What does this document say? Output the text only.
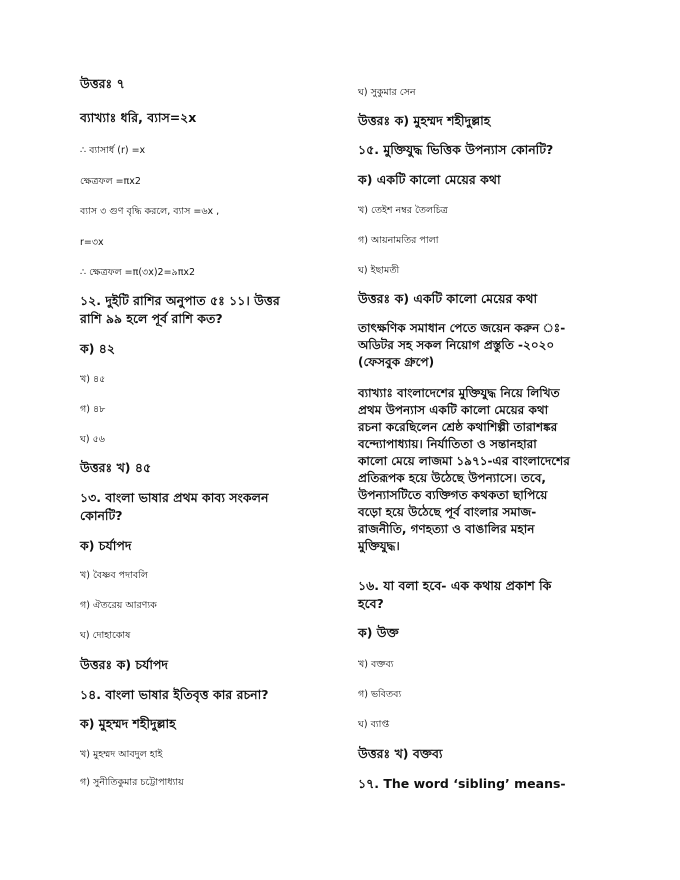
উত্তরঃ ৭
ব্যাখ্যাঃ ধরি, ব্যাস=২x
∴ ব্যাসার্ধ (r) =x
ক্ষেত্রফল =πx2
ব্যাস ৩ গুণ বৃদ্ধি করলে, ব্যাস =৬x ,
r=৩x
∴ ক্ষেত্রফল =π(৩x)2=৯πx2
১২. দুইটি রাশির অনুপাত ৫ঃ ১১। উত্তর
রাশি ৯৯ হলে পূর্ব রাশি কত?
ক) ৪২
খ) ৪৫
গ) ৪৮
ঘ) ৫৬
উত্তরঃ খ) ৪৫
১৩. বাংলা ভাষার প্রথম কাব্য সংকলন
কোনটি?
ক) চর্যাপদ
খ) বৈষ্ণব পদাবলি
গ) ঐতরেয় আরণ্যক
ঘ) দোহাকোষ
উত্তরঃ ক) চর্যাপদ
১৪. বাংলা ভাষার ইতিবৃত্ত কার রচনা?
ক) মুহম্মদ শহীদুল্লাহ
খ) মুহম্মদ আবদুল হাই
গ) সুনীতিকুমার চট্টোপাধ্যায়
ঘ) সুকুমার সেন
উত্তরঃ ক) মুহম্মদ শহীদুল্লাহ
১৫. মুক্তিযুদ্ধ ভিত্তিক উপন্যাস কোনটি?
ক) একটি কালো মেয়ের কথা
খ) তেইশ নম্বর তৈলচিত্র
গ) আয়নামতির পালা
ঘ) ইছামতী
উত্তরঃ ক) একটি কালো মেয়ের কথা
তাৎক্ষণিক সমাধান পেতে জয়েন করুন ঃ-
অডিটর সহ সকল নিয়োগ প্রস্তুতি -২০২০
(ফেসবুক গ্রুপে)
ব্যাখ্যাঃ বাংলাদেশের মুক্তিযুদ্ধ নিয়ে লিখিত
প্রথম উপন্যাস একটি কালো মেয়ের কথা
রচনা করেছিলেন শ্রেষ্ঠ কথাশিল্পী তারাশঙ্কর
বন্দ্যোপাধ্যায়। নির্যাতিতা ও সন্তানহারা
কালো মেয়ে লাজমা ১৯৭১-এর বাংলাদেশের
প্রতিরূপক হয়ে উঠেছে উপন্যাসে। তবে,
উপন্যাসটিতে ব্যক্তিগত কথকতা ছাপিয়ে
বড়ো হয়ে উঠেছে পূর্ব বাংলার সমাজ-
রাজনীতি, গণহত্যা ও বাঙালির মহান
মুক্তিযুদ্ধ।
১৬. যা বলা হবে- এক কথায় প্রকাশ কি
হবে?
ক) উক্ত
খ) বক্তব্য
গ) ভবিতব্য
ঘ) ব্যাপ্ত
উত্তরঃ খ) বক্তব্য
১৭. The word ‘sibling’ means-
